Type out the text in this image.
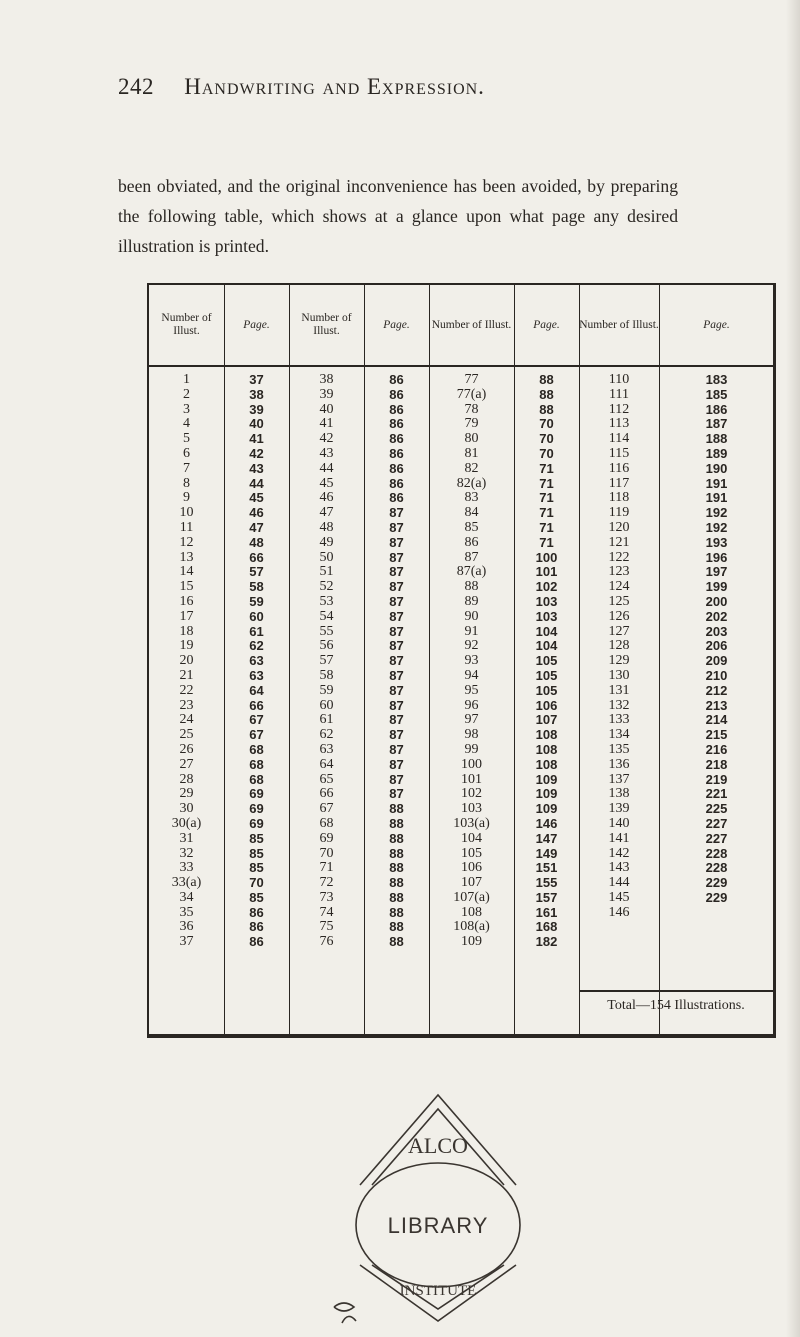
242 Handwriting and Expression.
been obviated, and the original inconvenience has been avoided, by preparing the following table, which shows at a glance upon what page any desired illustration is printed.
Number of Illust.
1
2
3
4
5
6
7
8
9
10
11
12
13
14
15
16
17
18
19
20
21
22
23
24
25
26
27
28
29
30
30(a)
31
32
33
33(a)
34
35
36
37
Page.
37
38
39
40
41
42
43
44
45
46
47
48
66
57
58
59
60
61
62
63
63
64
66
67
67
68
68
68
69
69
69
85
85
85
70
85
86
86
86
Number of Illust.
38
39
40
41
42
43
44
45
46
47
48
49
50
51
52
53
54
55
56
57
58
59
60
61
62
63
64
65
66
67
68
69
70
71
72
73
74
75
76
Page.
86
86
86
86
86
86
86
86
86
87
87
87
87
87
87
87
87
87
87
87
87
87
87
87
87
87
87
87
87
88
88
88
88
88
88
88
88
88
88
Number of Illust.
77
77(a)
78
79
80
81
82
82(a)
83
84
85
86
87
87(a)
88
89
90
91
92
93
94
95
96
97
98
99
100
101
102
103
103(a)
104
105
106
107
107(a)
108
108(a)
109
Page.
88
88
88
70
70
70
71
71
71
71
71
71
100
101
102
103
103
104
104
105
105
105
106
107
108
108
108
109
109
109
146
147
149
151
155
157
161
168
182
Number of Illust.
110
111
112
113
114
115
116
117
118
119
120
121
122
123
124
125
126
127
128
129
130
131
132
133
134
135
136
137
138
139
140
141
142
143
144
145
146
Page.
183
185
186
187
188
189
190
191
191
192
192
193
196
197
199
200
202
203
206
209
210
212
213
214
215
216
218
219
221
225
227
227
228
228
229
229
Total—154 Illustrations.
ALCO
LIBRARY
INSTITUTE
